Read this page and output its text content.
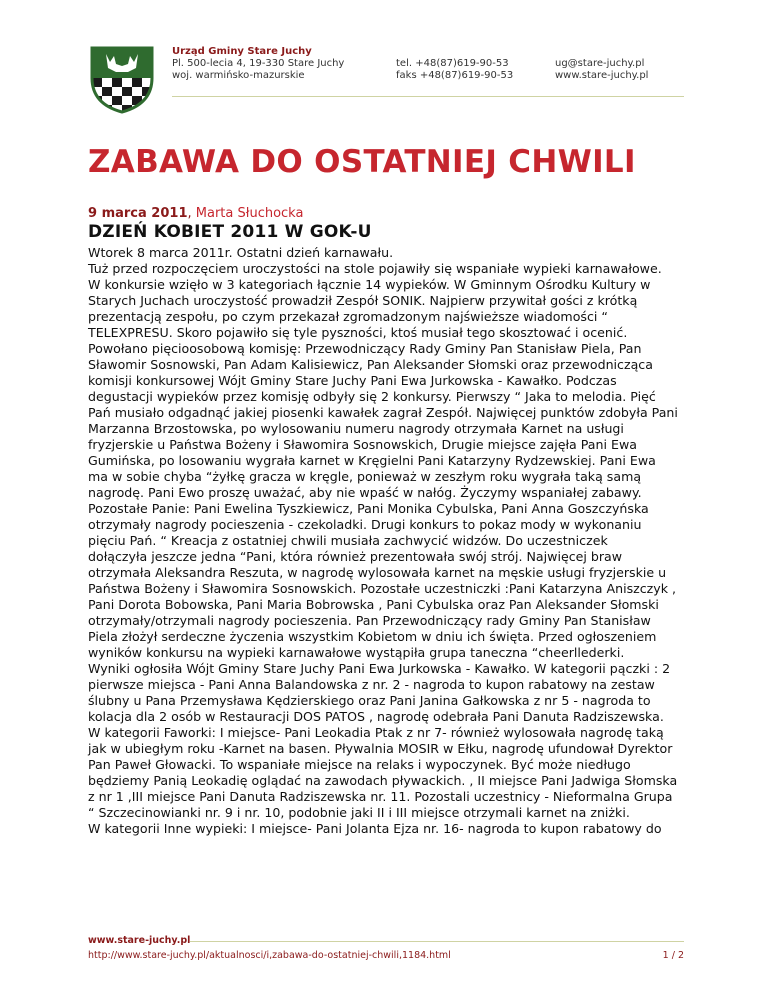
Urząd Gminy Stare Juchy
Pl. 500-lecia 4, 19-330 Stare Juchy
woj. warmińsko-mazurskie
tel. +48(87)619-90-53
faks +48(87)619-90-53
ug@stare-juchy.pl
www.stare-juchy.pl
ZABAWA DO OSTATNIEJ CHWILI
9 marca 2011, Marta Słuchocka
DZIEŃ KOBIET 2011 W GOK-U
Wtorek 8 marca 2011r. Ostatni dzień karnawału.
Tuż przed rozpoczęciem uroczystości na stole pojawiły się wspaniałe wypieki karnawałowe.
W konkursie wzięło w 3 kategoriach łącznie 14 wypieków. W Gminnym Ośrodku Kultury w
Starych Juchach uroczystość prowadził Zespół SONIK. Najpierw przywitał gości z krótką
prezentacją zespołu, po czym przekazał zgromadzonym najświeższe wiadomości “
TELEXPRESU. Skoro pojawiło się tyle pyszności, ktoś musiał tego skosztować i ocenić.
Powołano pięcioosobową komisję: Przewodniczący Rady Gminy Pan Stanisław Piela, Pan
Sławomir Sosnowski, Pan Adam Kalisiewicz, Pan Aleksander Słomski oraz przewodnicząca
komisji konkursowej Wójt Gminy Stare Juchy Pani Ewa Jurkowska - Kawałko. Podczas
degustacji wypieków przez komisję odbyły się 2 konkursy. Pierwszy “ Jaka to melodia. Pięć
Pań musiało odgadnąć jakiej piosenki kawałek zagrał Zespół. Najwięcej punktów zdobyła Pani
Marzanna Brzostowska, po wylosowaniu numeru nagrody otrzymała Karnet na usługi
fryzjerskie u Państwa Bożeny i Sławomira Sosnowskich, Drugie miejsce zajęła Pani Ewa
Gumińska, po losowaniu wygrała karnet w Kręgielni Pani Katarzyny Rydzewskiej. Pani Ewa
ma w sobie chyba “żyłkę gracza w kręgle, ponieważ w zeszłym roku wygrała taką samą
nagrodę. Pani Ewo proszę uważać, aby nie wpaść w nałóg. Życzymy wspaniałej zabawy.
Pozostałe Panie: Pani Ewelina Tyszkiewicz, Pani Monika Cybulska, Pani Anna Goszczyńska
otrzymały nagrody pocieszenia - czekoladki. Drugi konkurs to pokaz mody w wykonaniu
pięciu Pań. “ Kreacja z ostatniej chwili musiała zachwycić widzów. Do uczestniczek
dołączyła jeszcze jedna “Pani, która również prezentowała swój strój. Najwięcej braw
otrzymała Aleksandra Reszuta, w nagrodę wylosowała karnet na męskie usługi fryzjerskie u
Państwa Bożeny i Sławomira Sosnowskich. Pozostałe uczestniczki :Pani Katarzyna Aniszczyk ,
Pani Dorota Bobowska, Pani Maria Bobrowska , Pani Cybulska oraz Pan Aleksander Słomski
otrzymały/otrzymali nagrody pocieszenia. Pan Przewodniczący rady Gminy Pan Stanisław
Piela złożył serdeczne życzenia wszystkim Kobietom w dniu ich święta. Przed ogłoszeniem
wyników konkursu na wypieki karnawałowe wystąpiła grupa taneczna “cheerllederki.
Wyniki ogłosiła Wójt Gminy Stare Juchy Pani Ewa Jurkowska - Kawałko. W kategorii pączki : 2
pierwsze miejsca - Pani Anna Balandowska z nr. 2 - nagroda to kupon rabatowy na zestaw
ślubny u Pana Przemysława Kędzierskiego oraz Pani Janina Gałkowska z nr 5 - nagroda to
kolacja dla 2 osób w Restauracji DOS PATOS , nagrodę odebrała Pani Danuta Radziszewska.
W kategorii Faworki: I miejsce- Pani Leokadia Ptak z nr 7- również wylosowała nagrodę taką
jak w ubiegłym roku -Karnet na basen. Pływalnia MOSIR w Ełku, nagrodę ufundował Dyrektor
Pan Paweł Głowacki. To wspaniałe miejsce na relaks i wypoczynek. Być może niedługo
będziemy Panią Leokadię oglądać na zawodach pływackich. , II miejsce Pani Jadwiga Słomska
z nr 1 ,III miejsce Pani Danuta Radziszewska nr. 11. Pozostali uczestnicy - Nieformalna Grupa
“ Szczecinowianki nr. 9 i nr. 10, podobnie jaki II i III miejsce otrzymali karnet na zniżki.
W kategorii Inne wypieki: I miejsce- Pani Jolanta Ejza nr. 16- nagroda to kupon rabatowy do
www.stare-juchy.pl
http://www.stare-juchy.pl/aktualnosci/i,zabawa-do-ostatniej-chwili,1184.html	1 / 2
